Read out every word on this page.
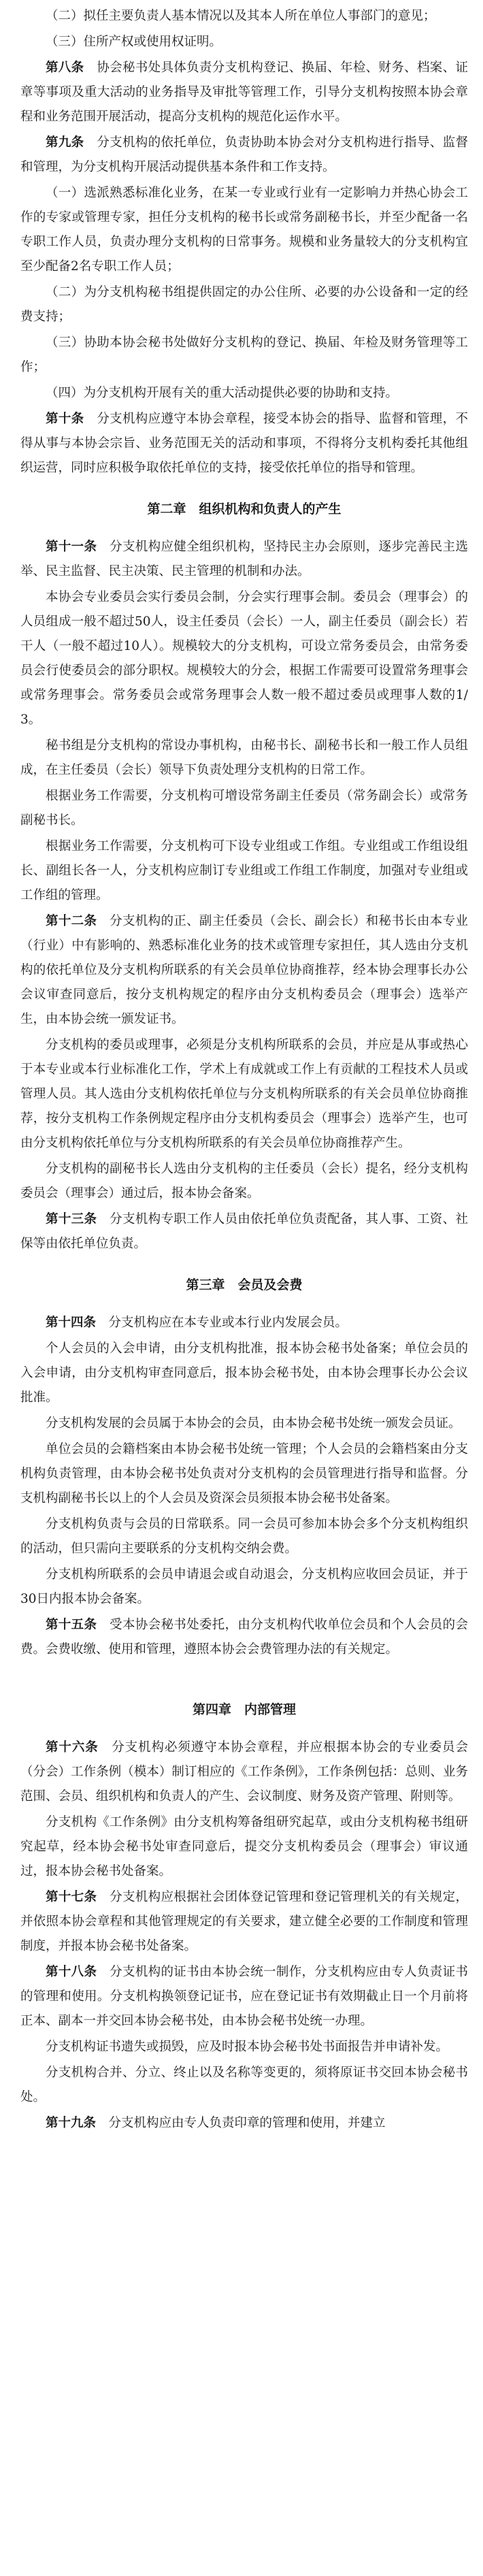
（二）拟任主要负责人基本情况以及其本人所在单位人事部门的意见；

（三）住所产权或使用权证明。

第八条　 协会秘书处具体负责分支机构登记、换届、年检、财务、档案、证章等事项及重大活动的业务指导及审批等管理工作，引导分支机构按照本协会章程和业务范围开展活动，提高分支机构的规范化运作水平。

第九条　 分支机构的依托单位，负责协助本协会对分支机构进行指导、监督和管理，为分支机构开展活动提供基本条件和工作支持。

（一）选派熟悉标准化业务，在某一专业或行业有一定影响力并热心协会工作的专家或管理专家，担任分支机构的秘书长或常务副秘书长，并至少配备一名专职工作人员，负责办理分支机构的日常事务。规模和业务量较大的分支机构宜至少配备2名专职工作人员；

（二）为分支机构秘书组提供固定的办公住所、必要的办公设备和一定的经费支持；

（三）协助本协会秘书处做好分支机构的登记、换届、年检及财务管理等工作；

（四）为分支机构开展有关的重大活动提供必要的协助和支持。

第十条　 分支机构应遵守本协会章程，接受本协会的指导、监督和管理，不得从事与本协会宗旨、业务范围无关的活动和事项，不得将分支机构委托其他组织运营，同时应积极争取依托单位的支持，接受依托单位的指导和管理。

第二章 组织机构和负责人的产生

第十一条　 分支机构应健全组织机构，坚持民主办会原则，逐步完善民主选举、民主监督、民主决策、民主管理的机制和办法。

本协会专业委员会实行委员会制，分会实行理事会制。委员会（理事会）的人员组成一般不超过50人，设主任委员（会长）一人，副主任委员（副会长）若干人（一般不超过10人）。规模较大的分支机构，可设立常务委员会，由常务委员会行使委员会的部分职权。规模较大的分会，根据工作需要可设置常务理事会或常务理事会。常务委员会或常务理事会人数一般不超过委员或理事人数的1/3。

秘书组是分支机构的常设办事机构，由秘书长、副秘书长和一般工作人员组成，在主任委员（会长）领导下负责处理分支机构的日常工作。

根据业务工作需要，分支机构可增设常务副主任委员（常务副会长）或常务副秘书长。

根据业务工作需要，分支机构可下设专业组或工作组。专业组或工作组设组长、副组长各一人，分支机构应制订专业组或工作组工作制度，加强对专业组或工作组的管理。

第十二条　 分支机构的正、副主任委员（会长、副会长）和秘书长由本专业（行业）中有影响的、熟悉标准化业务的技术或管理专家担任，其人选由分支机构的依托单位及分支机构所联系的有关会员单位协商推荐，经本协会理事长办公会议审查同意后，按分支机构规定的程序由分支机构委员会（理事会）选举产生，由本协会统一颁发证书。

分支机构的委员或理事，必须是分支机构所联系的会员，并应是从事或热心于本专业或本行业标准化工作，学术上有成就或工作上有贡献的工程技术人员或管理人员。其人选由分支机构依托单位与分支机构所联系的有关会员单位协商推荐，按分支机构工作条例规定程序由分支机构委员会（理事会）选举产生，也可由分支机构依托单位与分支机构所联系的有关会员单位协商推荐产生。

分支机构的副秘书长人选由分支机构的主任委员（会长）提名，经分支机构委员会（理事会）通过后，报本协会备案。

第十三条　 分支机构专职工作人员由依托单位负责配备，其人事、工资、社保等由依托单位负责。

第三章 会员及会费

第十四条　 分支机构应在本专业或本行业内发展会员。

个人会员的入会申请，由分支机构批准，报本协会秘书处备案；单位会员的入会申请，由分支机构审查同意后，报本协会秘书处，由本协会理事长办公会议批准。

分支机构发展的会员属于本协会的会员，由本协会秘书处统一颁发会员证。

单位会员的会籍档案由本协会秘书处统一管理；个人会员的会籍档案由分支机构负责管理，由本协会秘书处负责对分支机构的会员管理进行指导和监督。分支机构副秘书长以上的个人会员及资深会员须报本协会秘书处备案。

分支机构负责与会员的日常联系。同一会员可参加本协会多个分支机构组织的活动，但只需向主要联系的分支机构交纳会费。

分支机构所联系的会员申请退会或自动退会，分支机构应收回会员证，并于30日内报本协会备案。

第十五条　 受本协会秘书处委托，由分支机构代收单位会员和个人会员的会费。会费收缴、使用和管理，遵照本协会会费管理办法的有关规定。

第四章 内部管理

第十六条　 分支机构必须遵守本协会章程，并应根据本协会的专业委员会（分会）工作条例（模本）制订相应的《工作条例》，工作条例包括：总则、业务范围、会员、组织机构和负责人的产生、会议制度、财务及资产管理、附则等。

分支机构《工作条例》由分支机构筹备组研究起草，或由分支机构秘书组研究起草，经本协会秘书处审查同意后，提交分支机构委员会（理事会）审议通过，报本协会秘书处备案。

第十七条　 分支机构应根据社会团体登记管理和登记管理机关的有关规定，并依照本协会章程和其他管理规定的有关要求，建立健全必要的工作制度和管理制度，并报本协会秘书处备案。

第十八条　 分支机构的证书由本协会统一制作，分支机构应由专人负责证书的管理和使用。分支机构换领登记证书，应在登记证书有效期截止日一个月前将正本、副本一并交回本协会秘书处，由本协会秘书处统一办理。

分支机构证书遗失或损毁，应及时报本协会秘书处书面报告并申请补发。

分支机构合并、分立、终止以及名称等变更的，须将原证书交回本协会秘书处。

第十九条　 分支机构应由专人负责印章的管理和使用，并建立
